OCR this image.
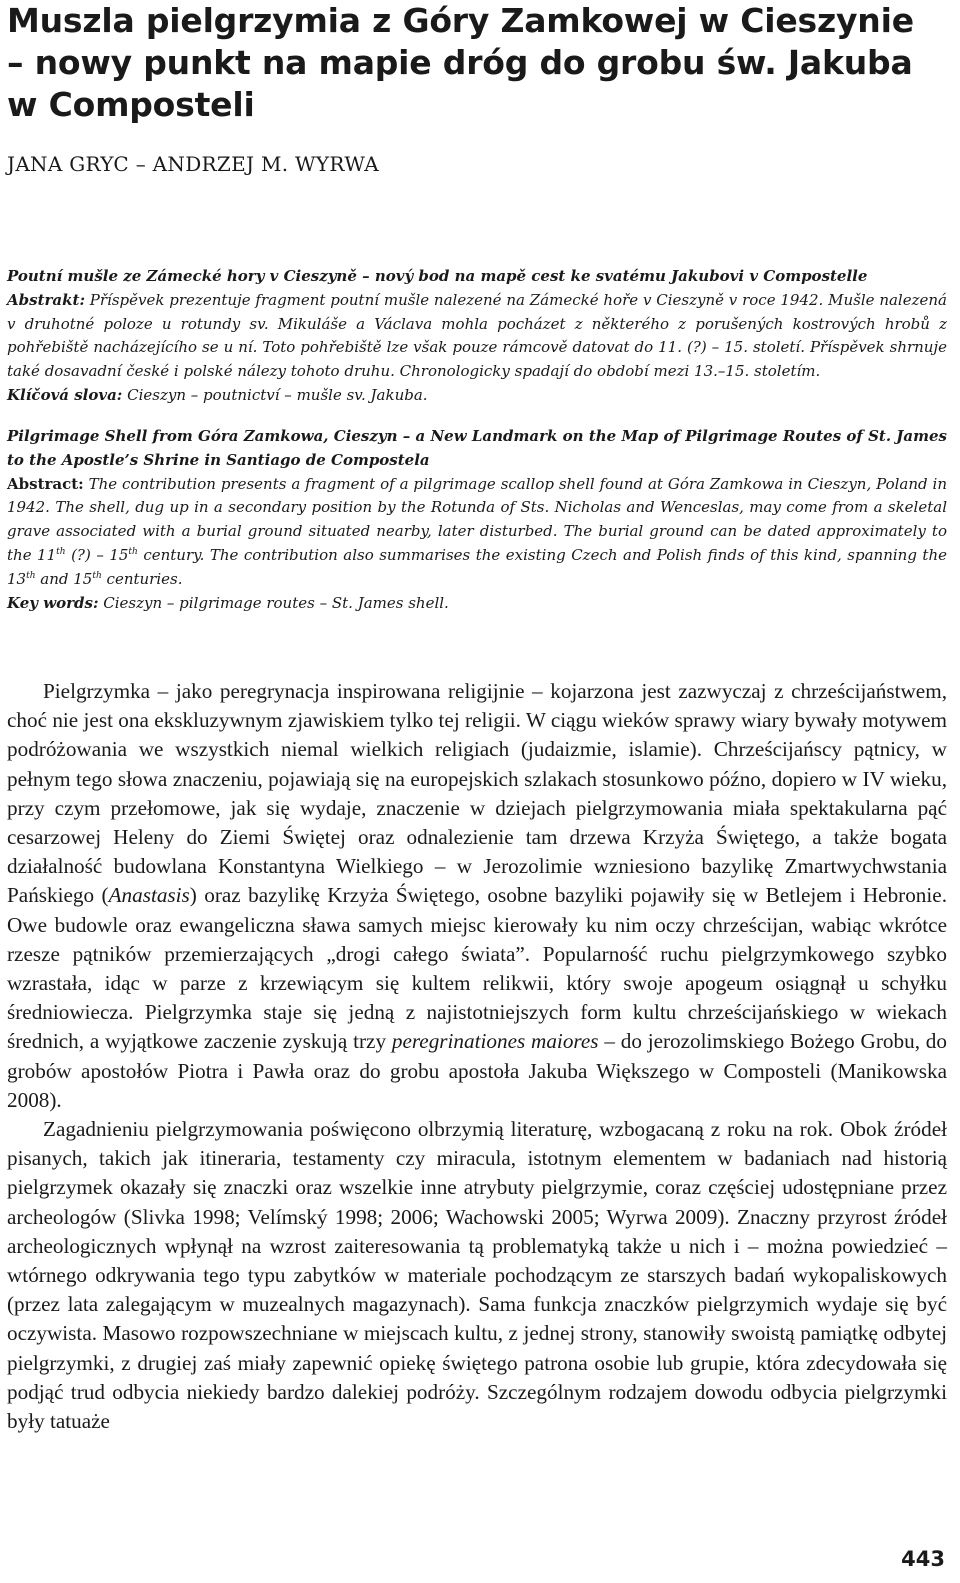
Muszla pielgrzymia z Góry Zamkowej w Cieszynie – nowy punkt na mapie dróg do grobu św. Jakuba w Composteli
JANA GRYC – ANDRZEJ M. WYRWA

Poutní mušle ze Zámecké hory v Cieszyně – nový bod na mapě cest ke svatému Jakubovi v Compostelle

Abstrakt: Příspěvek prezentuje fragment poutní mušle nalezené na Zámecké hoře v Cieszyně v roce 1942. Mušle nalezená v druhotné poloze u rotundy sv. Mikuláše a Václava mohla pocházet z některého z porušených kostrových hrobů z pohřebiště nacházejícího se u ní. Toto pohřebiště lze však pouze rámcově datovat do 11. (?) – 15. století. Příspěvek shrnuje také dosavadní české i polské nálezy tohoto druhu. Chronologicky spadají do období mezi 13.–15. stoletím.

Klíčová slova: Cieszyn – poutnictví – mušle sv. Jakuba.

Pilgrimage Shell from Góra Zamkowa, Cieszyn – a New Landmark on the Map of Pilgrimage Routes of St. James to the Apostle’s Shrine in Santiago de Compostela

Abstract: The contribution presents a fragment of a pilgrimage scallop shell found at Góra Zamkowa in Cieszyn, Poland in 1942. The shell, dug up in a secondary position by the Rotunda of Sts. Nicholas and Wenceslas, may come from a skeletal grave associated with a burial ground situated nearby, later disturbed. The burial ground can be dated approximately to the 11th (?) – 15th century. The contribution also summarises the existing Czech and Polish finds of this kind, spanning the 13th and 15th centuries.

Key words: Cieszyn – pilgrimage routes – St. James shell.

Pielgrzymka – jako peregrynacja inspirowana religijnie – kojarzona jest zazwyczaj z chrześcijaństwem, choć nie jest ona ekskluzywnym zjawiskiem tylko tej religii. W ciągu wieków sprawy wiary bywały motywem podróżowania we wszystkich niemal wielkich religiach (judaizmie, islamie). Chrześcijańscy pątnicy, w pełnym tego słowa znaczeniu, pojawiają się na europejskich szlakach stosunkowo późno, dopiero w IV wieku, przy czym przełomowe, jak się wydaje, znaczenie w dziejach pielgrzymowania miała spektakularna pąć cesarzowej Heleny do Ziemi Świętej oraz odnalezienie tam drzewa Krzyża Świętego, a także bogata działalność budowlana Konstantyna Wielkiego – w Jerozolimie wzniesiono bazylikę Zmartwychwstania Pańskiego (Anastasis) oraz bazylikę Krzyża Świętego, osobne bazyliki pojawiły się w Betlejem i Hebronie. Owe budowle oraz ewangeliczna sława samych miejsc kierowały ku nim oczy chrześcijan, wabiąc wkrótce rzesze pątników przemierzających „drogi całego świata”. Popularność ruchu pielgrzymkowego szybko wzrastała, idąc w parze z krzewiącym się kultem relikwii, który swoje apogeum osiągnął u schyłku średniowiecza. Pielgrzymka staje się jedną z najistotniejszych form kultu chrześcijańskiego w wiekach średnich, a wyjątkowe zaczenie zyskują trzy peregrinationes maiores – do jerozolimskiego Bożego Grobu, do grobów apostołów Piotra i Pawła oraz do grobu apostoła Jakuba Większego w Composteli (Manikowska 2008).

Zagadnieniu pielgrzymowania poświęcono olbrzymią literaturę, wzbogacaną z roku na rok. Obok źródeł pisanych, takich jak itineraria, testamenty czy miracula, istotnym elementem w badaniach nad historią pielgrzymek okazały się znaczki oraz wszelkie inne atrybuty pielgrzymie, coraz częściej udostępniane przez archeologów (Slivka 1998; Velímský 1998; 2006; Wachowski 2005; Wyrwa 2009). Znaczny przyrost źródeł archeologicznych wpłynął na wzrost zaiteresowania tą problematyką także u nich i – można powiedzieć – wtórnego odkrywania tego typu zabytków w materiale pochodzącym ze starszych badań wykopaliskowych (przez lata zalegającym w muzealnych magazynach). Sama funkcja znaczków pielgrzymich wydaje się być oczywista. Masowo rozpowszechniane w miejscach kultu, z jednej strony, stanowiły swoistą pamiątkę odbytej pielgrzymki, z drugiej zaś miały zapewnić opiekę świętego patrona osobie lub grupie, która zdecydowała się podjąć trud odbycia niekiedy bardzo dalekiej podróży. Szczególnym rodzajem dowodu odbycia pielgrzymki były tatuaże

443
